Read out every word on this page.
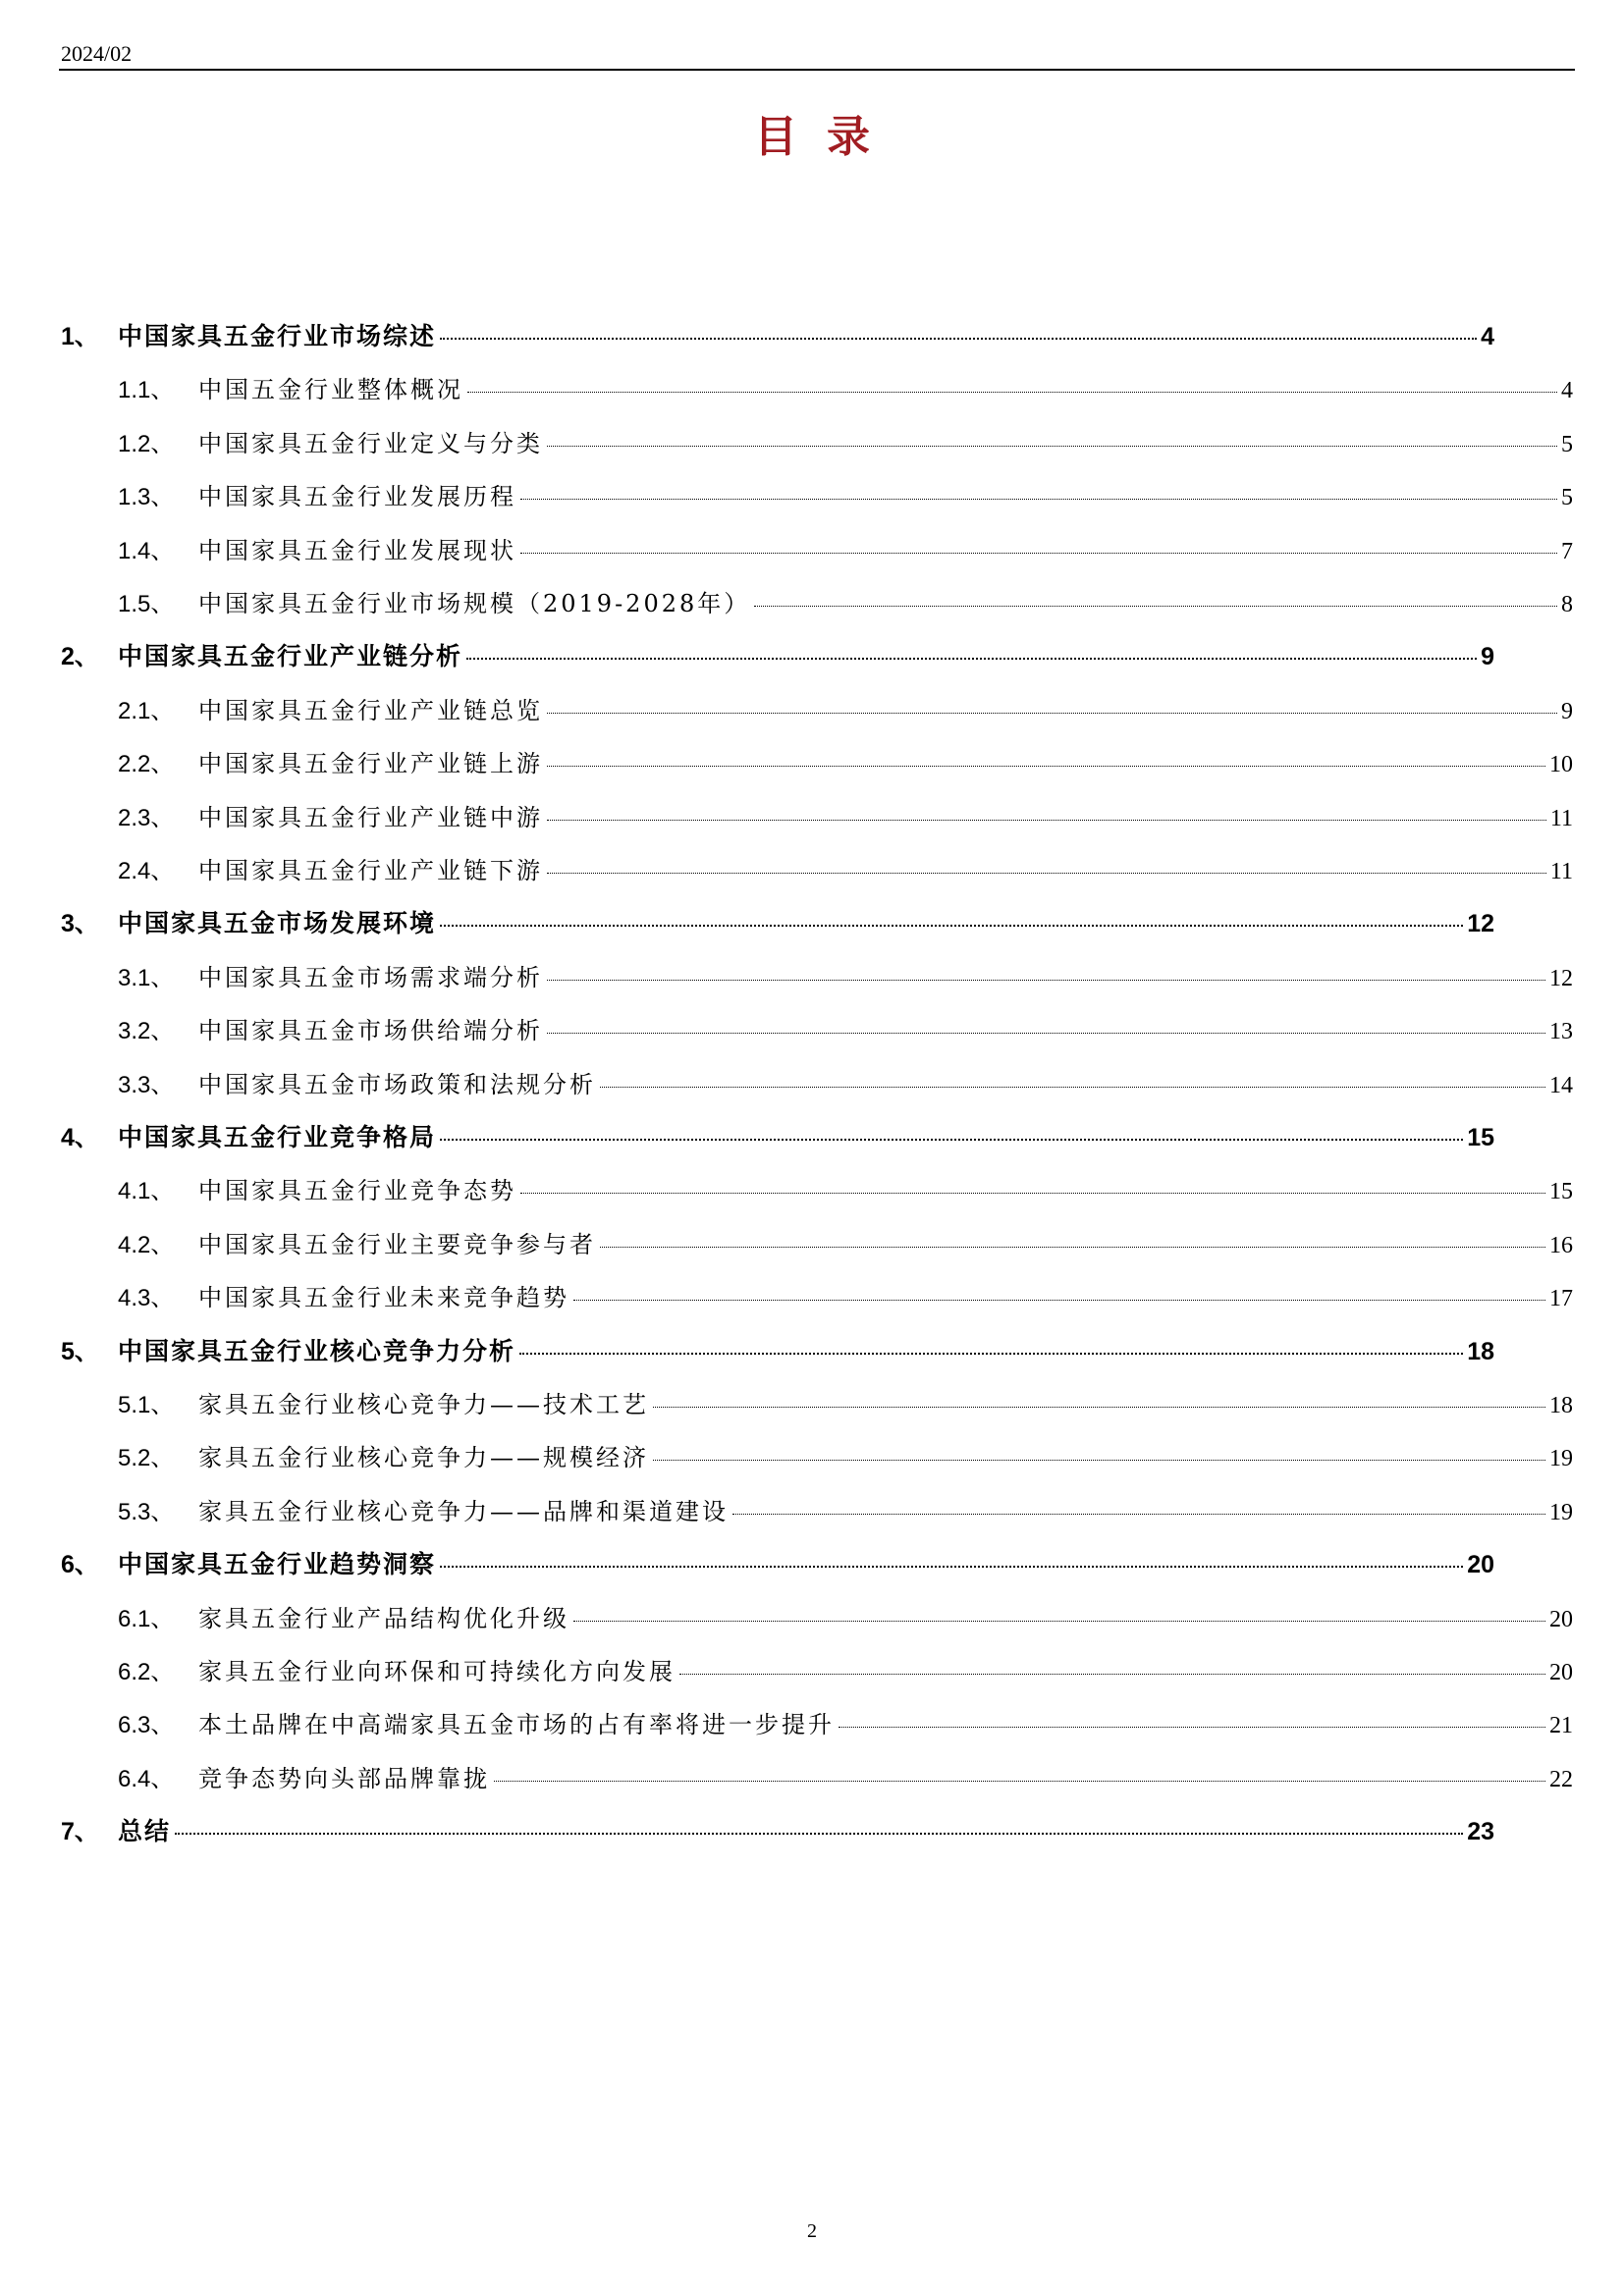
2024/02
目录
1、 中国家具五金行业市场综述	4
1.1、	中国五金行业整体概况	4
1.2、	中国家具五金行业定义与分类	5
1.3、	中国家具五金行业发展历程	5
1.4、	中国家具五金行业发展现状	7
1.5、	中国家具五金行业市场规模（2019-2028年）	8
2、 中国家具五金行业产业链分析	9
2.1、	中国家具五金行业产业链总览	9
2.2、	中国家具五金行业产业链上游	10
2.3、	中国家具五金行业产业链中游	11
2.4、	中国家具五金行业产业链下游	11
3、 中国家具五金市场发展环境	12
3.1、	中国家具五金市场需求端分析	12
3.2、	中国家具五金市场供给端分析	13
3.3、	中国家具五金市场政策和法规分析	14
4、 中国家具五金行业竞争格局	15
4.1、	中国家具五金行业竞争态势	15
4.2、	中国家具五金行业主要竞争参与者	16
4.3、	中国家具五金行业未来竞争趋势	17
5、 中国家具五金行业核心竞争力分析	18
5.1、	家具五金行业核心竞争力——技术工艺	18
5.2、	家具五金行业核心竞争力——规模经济	19
5.3、	家具五金行业核心竞争力——品牌和渠道建设	19
6、 中国家具五金行业趋势洞察	20
6.1、	家具五金行业产品结构优化升级	20
6.2、	家具五金行业向环保和可持续化方向发展	20
6.3、	本土品牌在中高端家具五金市场的占有率将进一步提升	21
6.4、	竞争态势向头部品牌靠拢	22
7、 总结	23
2
